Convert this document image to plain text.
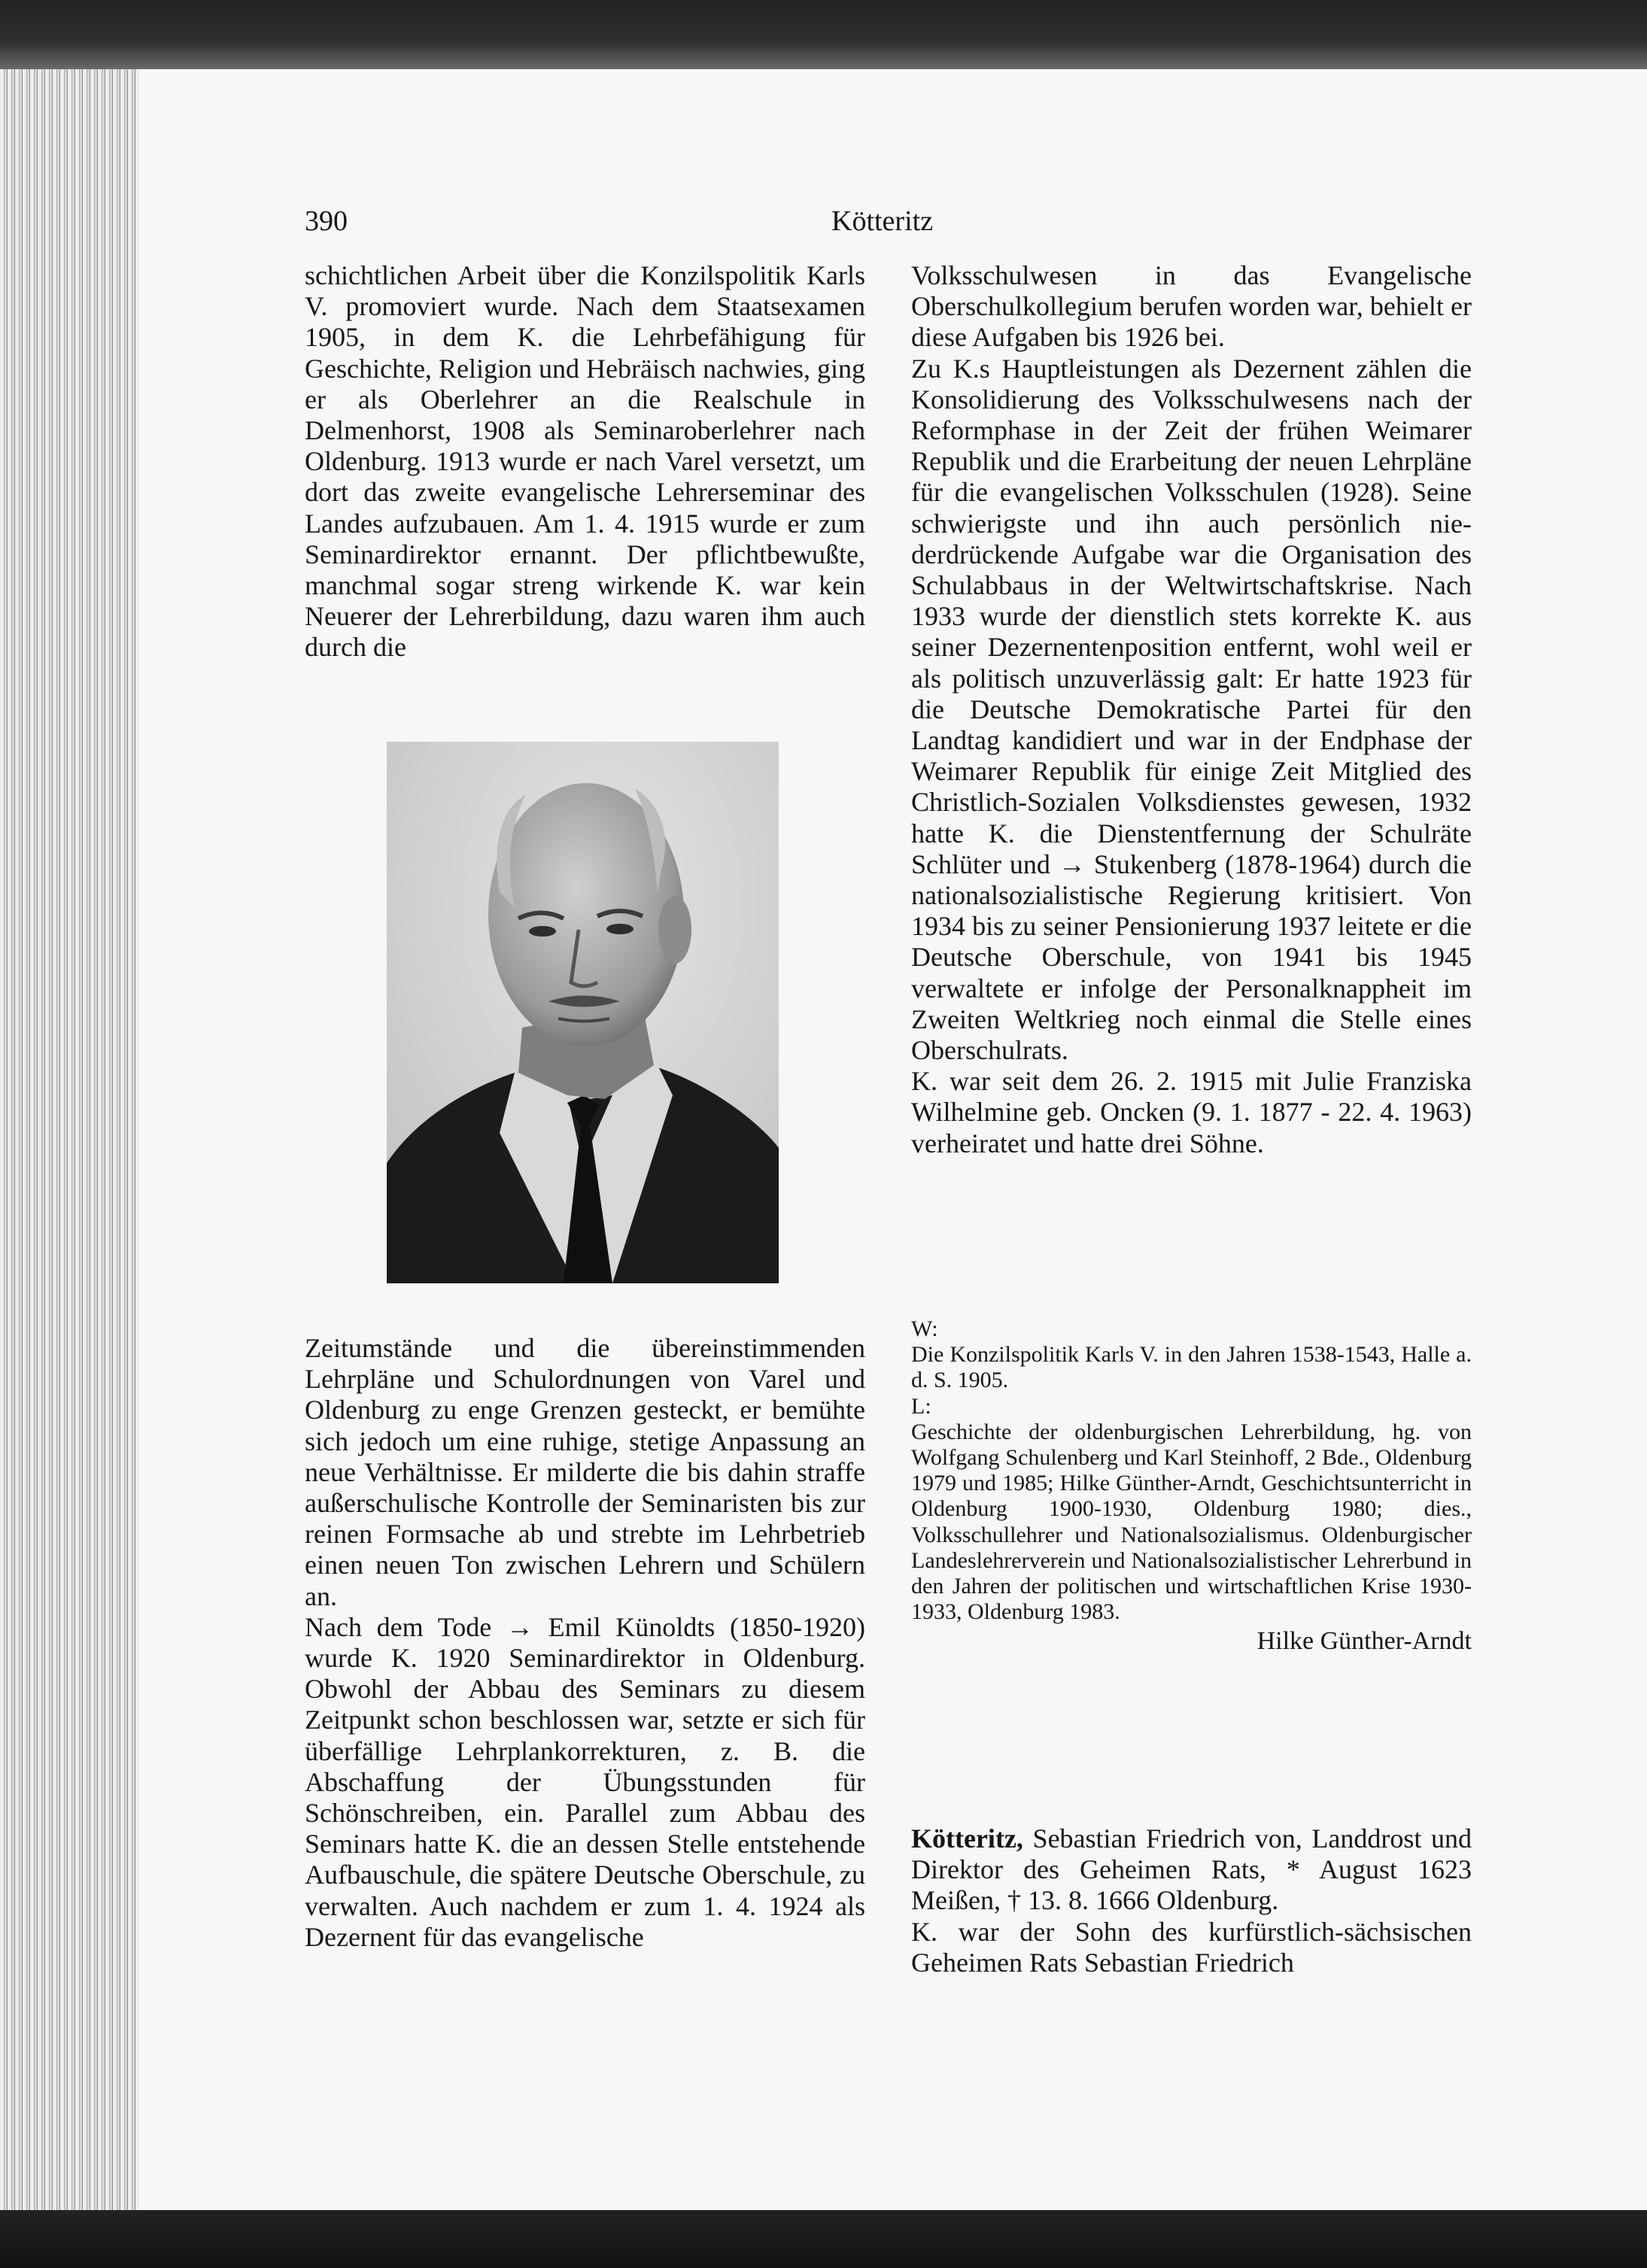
390	Kötteritz

schichtlichen Arbeit über die Konzilspolitik Karls V. promoviert wurde. Nach dem Staatsexamen 1905, in dem K. die Lehrbefähigung für Geschichte, Religion und Hebräisch nachwies, ging er als Oberlehrer an die Realschule in Delmenhorst, 1908 als Seminaroberlehrer nach Oldenburg. 1913 wurde er nach Varel versetzt, um dort das zweite evangelische Lehrerseminar des Landes aufzubauen. Am 1. 4. 1915 wurde er zum Seminardirektor ernannt. Der pflichtbewußte, manchmal sogar streng wirkende K. war kein Neuerer der Lehrerbildung, dazu waren ihm auch durch die

Zeitumstände und die übereinstimmenden Lehrpläne und Schulordnungen von Varel und Oldenburg zu enge Grenzen gesteckt, er bemühte sich jedoch um eine ruhige, stetige Anpassung an neue Verhältnisse. Er milderte die bis dahin straffe außerschulische Kontrolle der Seminaristen bis zur reinen Formsache ab und strebte im Lehrbetrieb einen neuen Ton zwischen Lehrern und Schülern an.

Nach dem Tode → Emil Künoldts (1850-1920) wurde K. 1920 Seminardirektor in Oldenburg. Obwohl der Abbau des Seminars zu diesem Zeitpunkt schon beschlossen war, setzte er sich für überfällige Lehrplankorrekturen, z. B. die Abschaffung der Übungsstunden für Schönschreiben, ein. Parallel zum Abbau des Seminars hatte K. die an dessen Stelle entstehende Aufbauschule, die spätere Deutsche Oberschule, zu verwalten. Auch nachdem er zum 1. 4. 1924 als Dezernent für das evangelische

Volksschulwesen in das Evangelische Oberschulkollegium berufen worden war, behielt er diese Aufgaben bis 1926 bei.

Zu K.s Hauptleistungen als Dezernent zählen die Konsolidierung des Volksschulwesens nach der Reformphase in der Zeit der frühen Weimarer Republik und die Erarbeitung der neuen Lehrpläne für die evangelischen Volksschulen (1928). Seine schwierigste und ihn auch persönlich niederdrückende Aufgabe war die Organisation des Schulabbaus in der Weltwirtschaftskrise. Nach 1933 wurde der dienstlich stets korrekte K. aus seiner Dezernentenposition entfernt, wohl weil er als politisch unzuverlässig galt: Er hatte 1923 für die Deutsche Demokratische Partei für den Landtag kandidiert und war in der Endphase der Weimarer Republik für einige Zeit Mitglied des Christlich-Sozialen Volksdienstes gewesen, 1932 hatte K. die Dienstentfernung der Schulräte Schlüter und → Stukenberg (1878-1964) durch die nationalsozialistische Regierung kritisiert. Von 1934 bis zu seiner Pensionierung 1937 leitete er die Deutsche Oberschule, von 1941 bis 1945 verwaltete er infolge der Personalknappheit im Zweiten Weltkrieg noch einmal die Stelle eines Oberschulrats.

K. war seit dem 26. 2. 1915 mit Julie Franziska Wilhelmine geb. Oncken (9. 1. 1877 - 22. 4. 1963) verheiratet und hatte drei Söhne.

W:

Die Konzilspolitik Karls V. in den Jahren 1538-1543, Halle a. d. S. 1905.

L:

Geschichte der oldenburgischen Lehrerbildung, hg. von Wolfgang Schulenberg und Karl Steinhoff, 2 Bde., Oldenburg 1979 und 1985; Hilke Günther-Arndt, Geschichtsunterricht in Oldenburg 1900-1930, Oldenburg 1980; dies., Volksschullehrer und Nationalsozialismus. Oldenburgischer Landeslehrerverein und Nationalsozialistischer Lehrerbund in den Jahren der politischen und wirtschaftlichen Krise 1930-1933, Oldenburg 1983.

Hilke Günther-Arndt

Kötteritz, Sebastian Friedrich von, Landdrost und Direktor des Geheimen Rats, * August 1623 Meißen, † 13. 8. 1666 Oldenburg.

K. war der Sohn des kurfürstlich-sächsischen Geheimen Rats Sebastian Friedrich
